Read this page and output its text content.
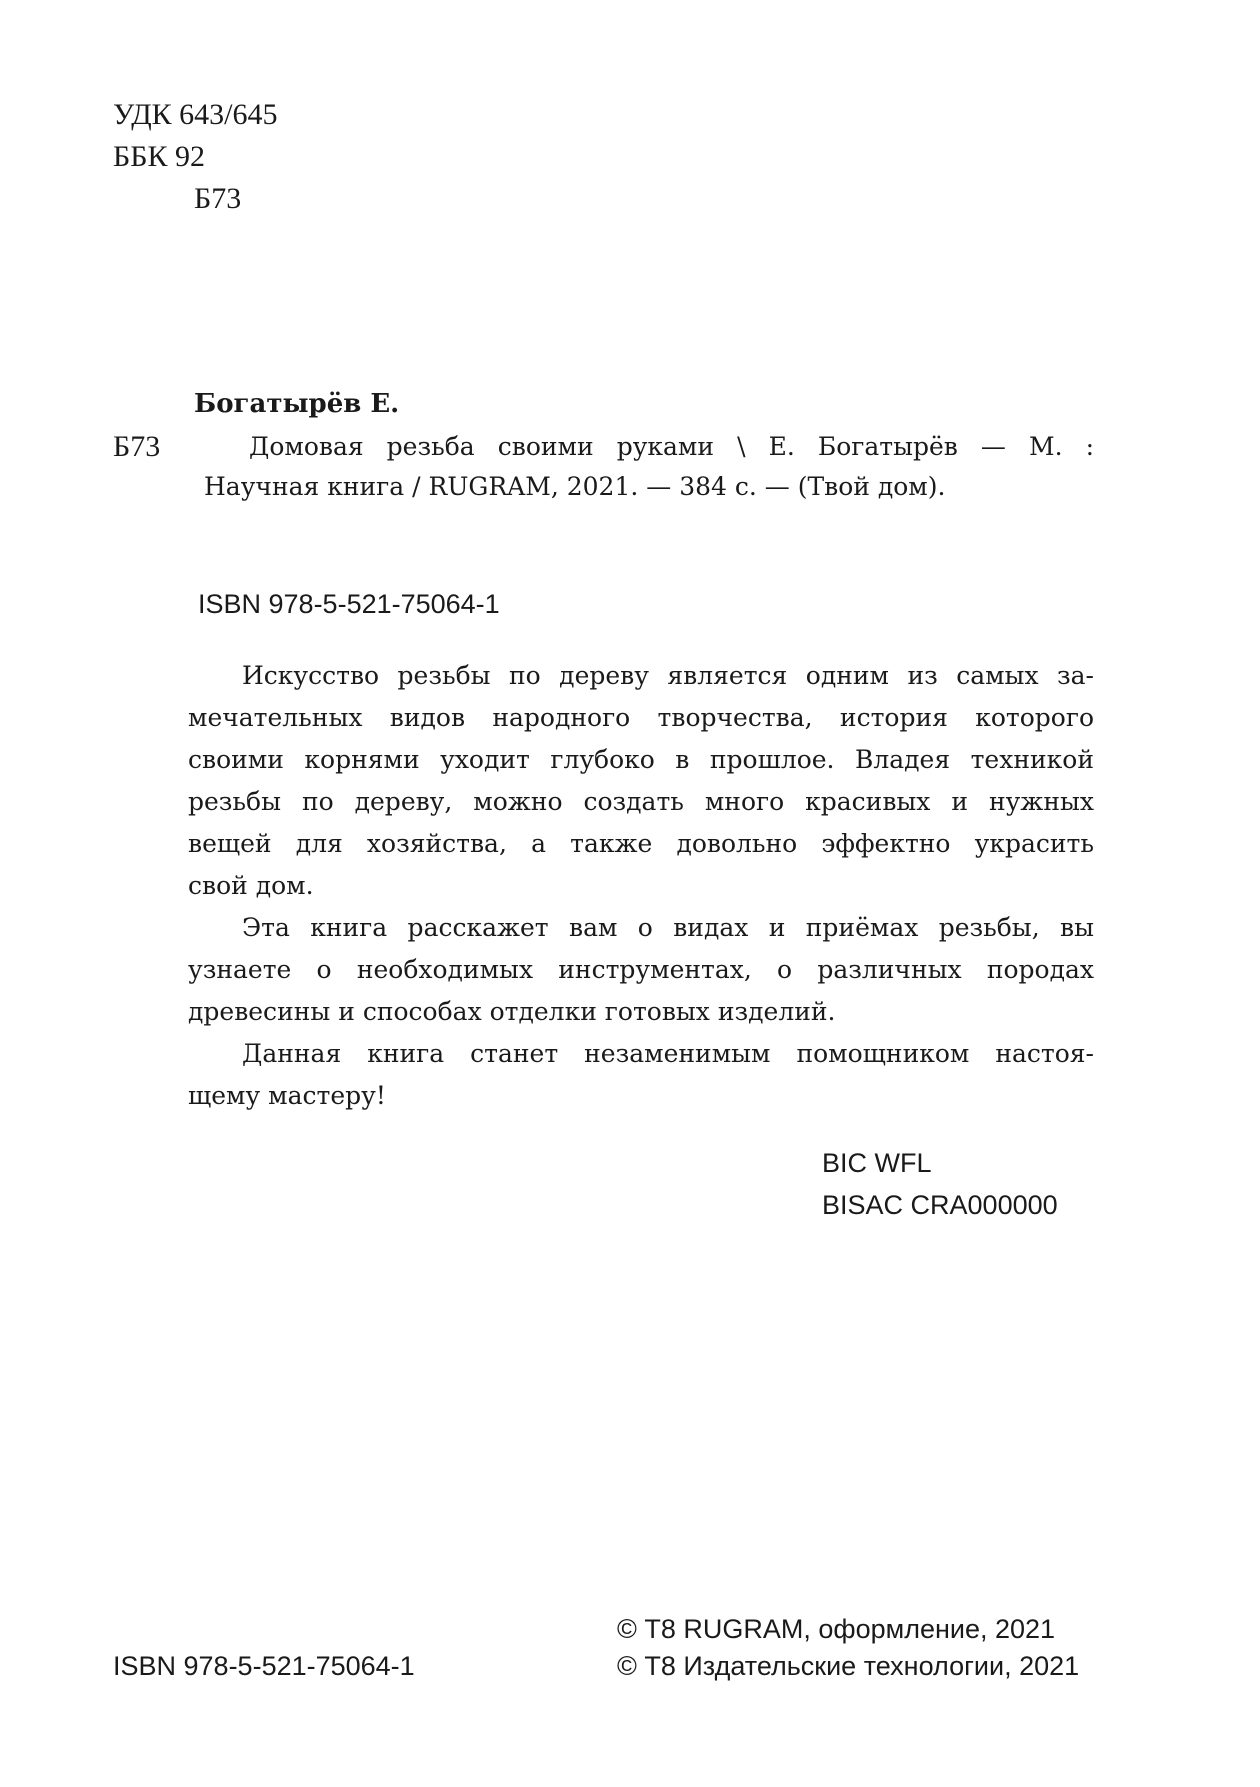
УДК 643/645
ББК 92
Б73
Богатырёв Е.
Б73	Домовая резьба своими руками \ Е. Богатырёв — М. :
Научная книга / RUGRAM, 2021. — 384 с. — (Твой дом).
ISBN 978-5-521-75064-1

Искусство резьбы по дереву является одним из самых за-
мечательных видов народного творчества, история которого
своими корнями уходит глубоко в прошлое. Владея техникой
резьбы по дереву, можно создать много красивых и нужных
вещей для хозяйства, а также довольно эффектно украсить
свой дом.

Эта книга расскажет вам о видах и приёмах резьбы, вы
узнаете о необходимых инструментах, о различных породах
древесины и способах отделки готовых изделий.

Данная книга станет незаменимым помощником настоя-
щему мастеру!

BIC WFL
BISAC CRA000000
ISBN 978-5-521-75064-1
© Т8 RUGRAM, оформление, 2021
© Т8 Издательские технологии, 2021
